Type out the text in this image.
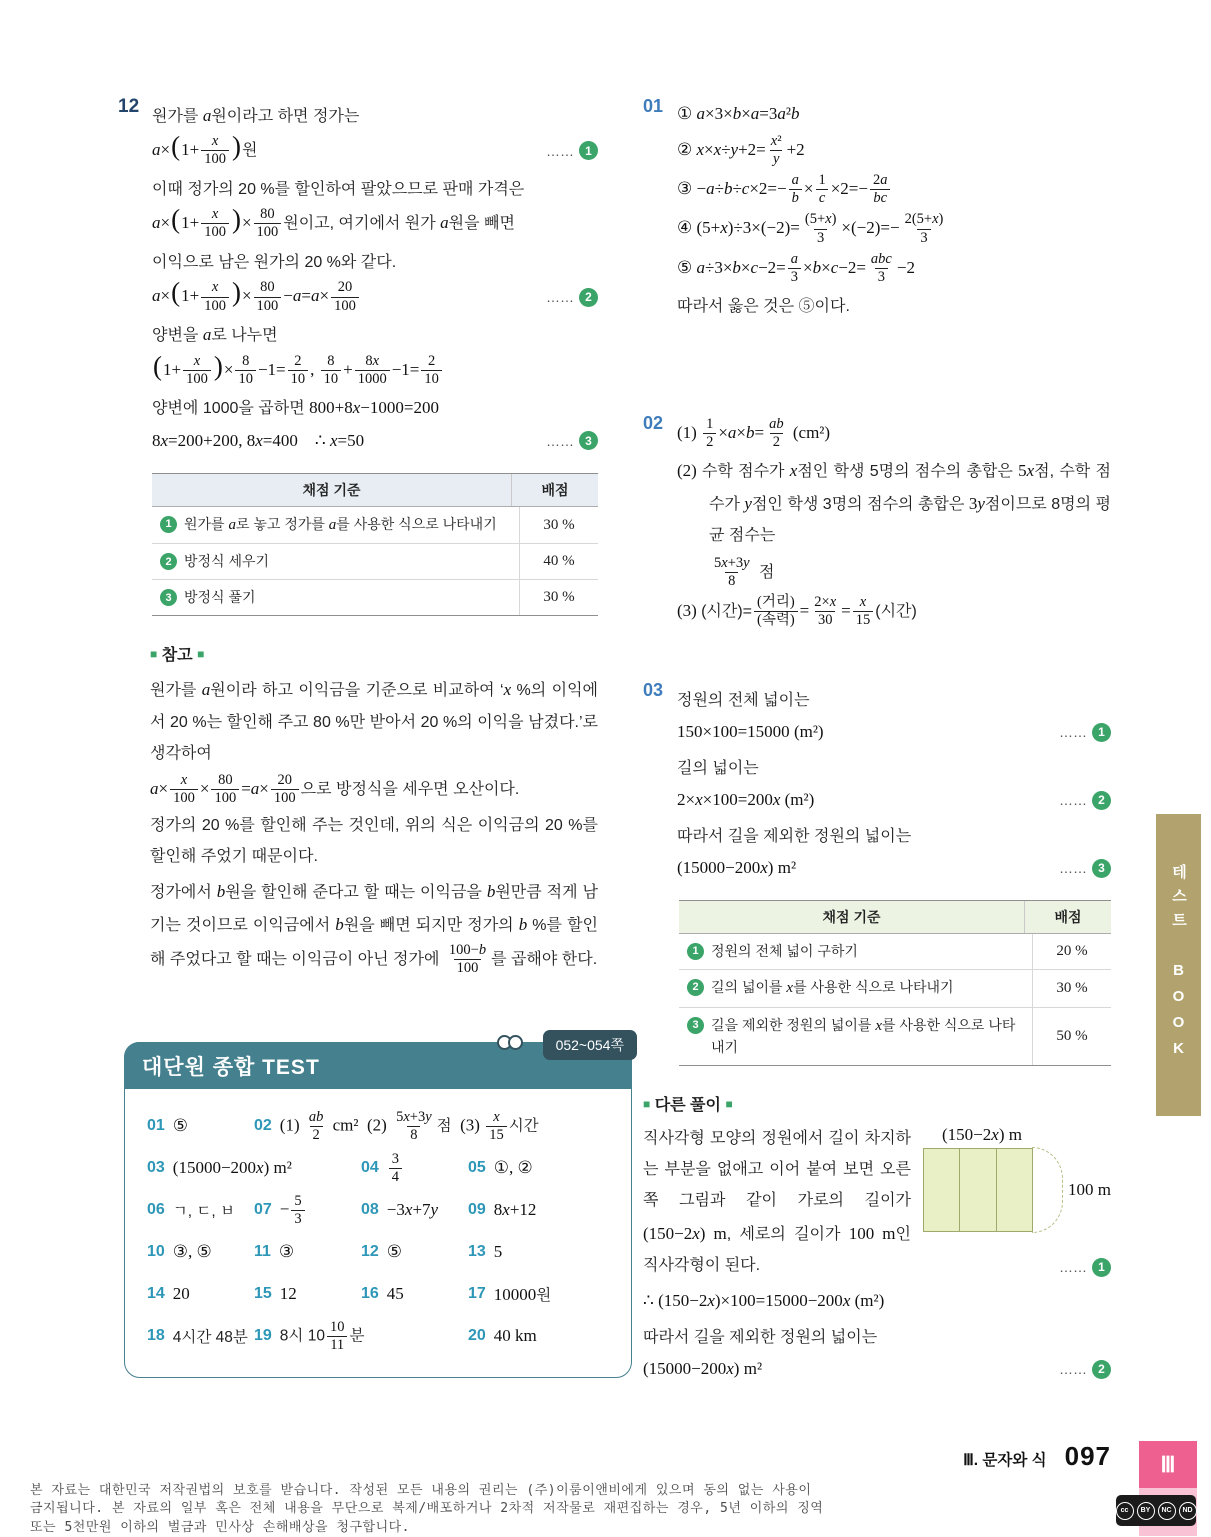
12 원가를 a원이라고 하면 정가는
$a\times(1+ \frac{x}{100}$ )원	…… 1
이때 정가의 20 %를 할인하여 팔았으므로 판매 가격은
$a\times(1+ \frac{x}{100}$ )× $\frac{80}{100}$ 원이고, 여기에서 원가 a원을 빼면
이익으로 남은 원가의 20 %와 같다.
$a\times(1+ \frac{x}{100}$ )× $\frac{80}{100} -a=a\times \frac{20}{100}$	…… 2
양변을 a로 나누면
($1+ \frac{x}{100}$ )× $\frac{8}{10} -1= \frac{2}{10}$ , $\frac{8}{10} + \frac{8x}{1000} -1= \frac{2}{10}$
양변에 1000을 곱하면 800+8x−1000=200
8x=200+200, 8x=400    ∴ x=50	…… 3
채점 기준	배점
1 원가를 a로 놓고 정가를 a를 사용한 식으로 나타내기	30 %
2 방정식 세우기	40 %
3 방정식 풀기	30 %
■ 참고 ■
원가를 a원이라 하고 이익금을 기준으로 비교하여 ‘x %의 이익에서 20 %는 할인해 주고 80 %만 받아서 20 %의 이익을 남겼다.’로 생각하여
$a\times \frac{x}{100} \times \frac{80}{100} =a\times \frac{20}{100}$ 으로 방정식을 세우면 오산이다.
정가의 20 %를 할인해 주는 것인데, 위의 식은 이익금의 20 %를 할인해 주었기 때문이다.
정가에서 b원을 할인해 준다고 할 때는 이익금을 b원만큼 적게 남기는 것이므로 이익금에서 b원을 빼면 되지만 정가의 b %를 할인해 주었다고 할 때는 이익금이 아닌 정가에 $\frac{100-b}{100}$ 를 곱해야 한다.
대단원 종합 TEST
052~054쪽
01 ⑤	02 $(1) \frac{ab}{2} cm^2$  $(2) \frac{5x+3y}{8}$ 점  $(3) \frac{x}{15}$ 시간
03 (15000−200x) m²	$04 \frac{3}{4}$	05 ①, ②
06 ㄱ, ㄷ, ㅂ $07 - \frac{5}{3}$	08 −3x+7y 09 8x+12
10 ③, ⑤	11 ③	12 ⑤	13 5
14 20	15 12	16 45	17 10000원
18 4시간 48분 19 8시 $10 \frac{10}{11}$ 분	20 40 km
01 ① a×3×b×a=3a²b
② $x\times x\div y+2= \frac{\text{x²}}{y} +2$
③ $-a\div b\div c\times 2=- \frac{a}{b} \times \frac{1}{c} \times 2=- \frac{2a}{bc}$
④ $(5+x)\div 3\times(-2)= \frac{(5+x)}{3} \times(-2)=- \frac{2(5+x)}{3}$
⑤ $a\div 3\times b\times c-2= \frac{a}{3} \times b\times c-2= \frac{\text{abc}}{3} -2$
따라서 옳은 것은 ⑤이다.
02 $(1) \frac{1}{2} \times a\times b= \frac{ab}{2} (cm^2)$
(2) 수학 점수가 x점인 학생 5명의 점수의 총합은 5x점, 수학 점수가 y점인 학생 3명의 점수의 총합은 3y점이므로 8명의 평균 점수는
$\frac{5x+3y}{8}$ 점
(3) (시간)= $\frac{\text{(거리)}}{\text{(속력)}} = \frac{2\times x}{30} = \frac{x}{15}$ (시간)
03 정원의 전체 넓이는
150×100=15000 (m²)	…… 1
길의 넓이는
2×x×100=200x (m²)	…… 2
따라서 길을 제외한 정원의 넓이는
(15000−200x) m²	…… 3
채점 기준	배점
1 정원의 전체 넓이 구하기	20 %
2 길의 넓이를 x를 사용한 식으로 나타내기	30 %
3 길을 제외한 정원의 넓이를 x를 사용한 식으로 나타내기
50 %
■ 다른 풀이 ■
(150−2x) m
100 m
직사각형 모양의 정원에서 길이 차지하는 부분을 없애고 이어 붙여 보면 오른쪽 그림과 같이 가로의 길이가 (150−2x) m, 세로의 길이가 100 m인 직사각형이 된다.	…… 1
∴ (150−2x)×100=15000−200x (m²)
따라서 길을 제외한 정원의 넓이는
(15000−200x) m²	…… 2
테스트
BOOK
Ⅲ. 문자와 식 097	Ⅲ
본 자료는 대한민국 저작권법의 보호를 받습니다. 작성된 모든 내용의 권리는 (주)이룸이앤비에게 있으며 동의 없는 사용이
금지됩니다. 본 자료의 일부 혹은 전체 내용을 무단으로 복제/배포하거나 2차적 저작물로 재편집하는 경우, 5년 이하의 징역
또는 5천만원 이하의 벌금과 민사상 손해배상을 청구합니다.
cc	BY	NC	ND
